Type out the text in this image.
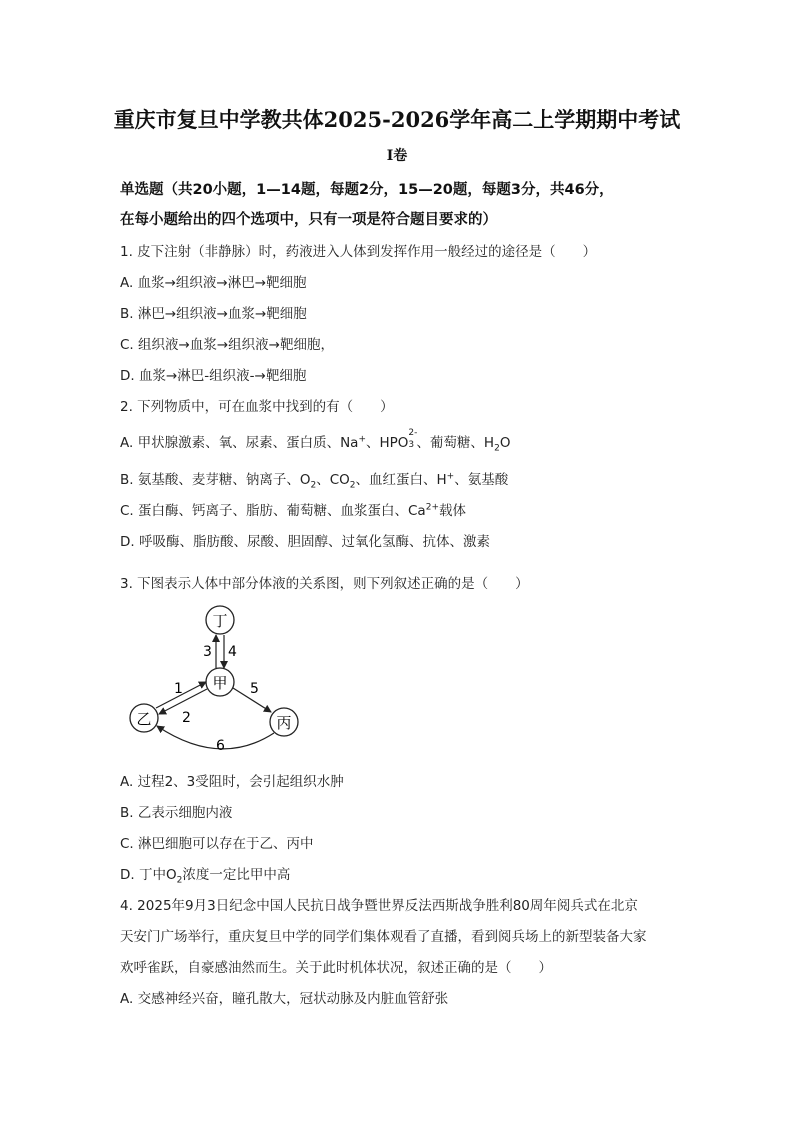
重庆市复旦中学教共体2025-2026学年高二上学期期中考试
I卷
单选题（共20小题，1—14题，每题2分，15—20题，每题3分，共46分，
在每小题给出的四个选项中，只有一项是符合题目要求的）
1. 皮下注射（非静脉）时，药液进入人体到发挥作用一般经过的途径是（　　）
A. 血浆→组织液→淋巴→靶细胞
B. 淋巴→组织液→血浆→靶细胞
C. 组织液→血浆→组织液→靶细胞，
D. 血浆→淋巴-组织液-→靶细胞
2. 下列物质中，可在血浆中找到的有（　　）
A. 甲状腺激素、氧、尿素、蛋白质、Na+、HPO
2-
3 、葡萄糖、$H_2O$
B. 氨基酸、麦芽糖、钠离子、$O_2$、$CO_2$、血红蛋白、H+、氨基酸
C. 蛋白酶、钙离子、脂肪、葡萄糖、血浆蛋白、$Ca^{2+}$载体
D. 呼吸酶、脂肪酸、尿酸、胆固醇、过氧化氢酶、抗体、激素
3. 下图表示人体中部分体液的关系图，则下列叙述正确的是（　　）
丁
甲
乙	丙
3 4
1
2
5
6
A. 过程2、3受阻时，会引起组织水肿
B. 乙表示细胞内液
C. 淋巴细胞可以存在于乙、丙中
D. 丁中$O_2$浓度一定比甲中高
4. 2025年9月3日纪念中国人民抗日战争暨世界反法西斯战争胜利80周年阅兵式在北京
天安门广场举行，重庆复旦中学的同学们集体观看了直播，看到阅兵场上的新型装备大家
欢呼雀跃，自豪感油然而生。关于此时机体状况，叙述正确的是（　　）
A. 交感神经兴奋，瞳孔散大，冠状动脉及内脏血管舒张
